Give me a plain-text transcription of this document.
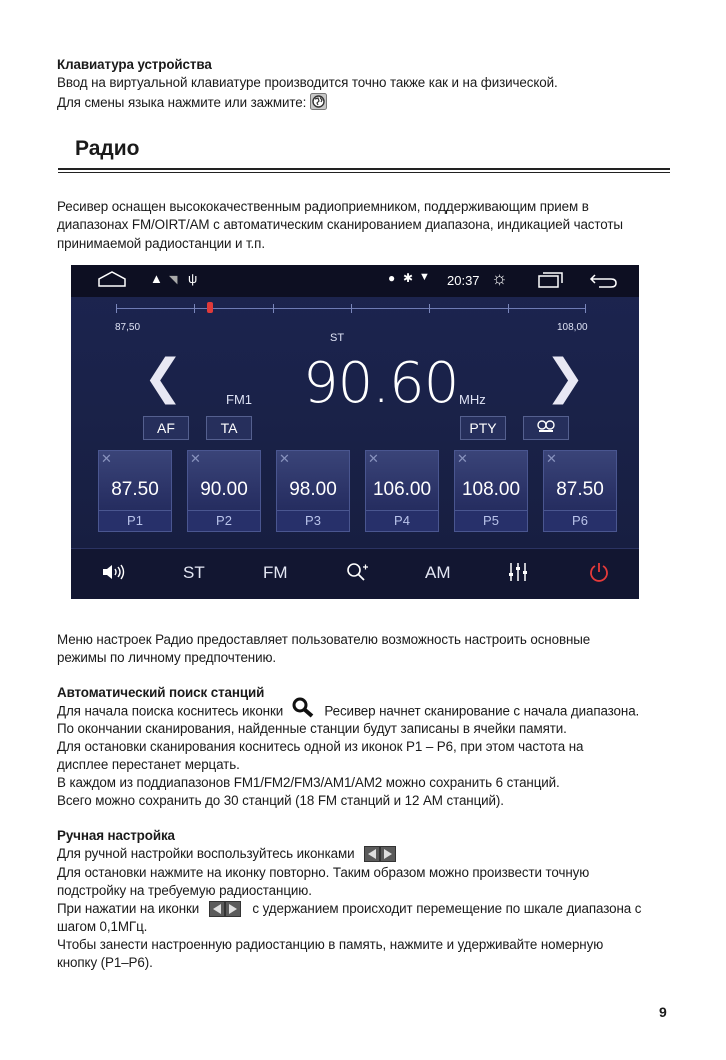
Клавиатура устройства
Ввод на виртуальной клавиатуре производится точно также как и на физической.
Для смены языка нажмите или зажмите:
Радио
Ресивер оснащен высококачественным радиоприемником, поддерживающим прием в
диапазонах FM/OIRT/AM с автоматическим сканированием диапазона, индикацией частоты
принимаемой радиостанции и т.п.
▲ ◥ ψ	● ✱ ▼ 20:37 ☼
87,50	108,00
ST
❮	❯
FM1 90.60 MHz
AF	TA	PTY
✕
87.50
P1
✕
90.00
P2
✕
98.00
P3
✕
106.00
P4
✕
108.00
P5
✕
87.50
P6
ST	FM	AM
Меню настроек Радио предоставляет пользователю возможность настроить основные
режимы по личному предпочтению.
Автоматический поиск станций
Для начала поиска коснитесь иконки	Ресивер начнет сканирование с начала диапазона.
По окончании сканирования, найденные станции будут записаны в ячейки памяти.
Для остановки сканирования коснитесь одной из иконок P1 – P6, при этом частота на
дисплее перестанет мерцать.
В каждом из поддиапазонов FM1/FM2/FM3/AM1/AM2 можно сохранить 6 станций.
Всего можно сохранить до 30 станций (18 FM станций и 12 AM станций).
Ручная настройка
Для ручной настройки воспользуйтесь иконками
Для остановки нажмите на иконку повторно. Таким образом можно произвести точную
подстройку на требуемую радиостанцию.
При нажатии на иконки	с удержанием происходит перемещение по шкале диапазона с
шагом 0,1МГц.
Чтобы занести настроенную радиостанцию в память, нажмите и удерживайте номерную
кнопку (P1–P6).
9
